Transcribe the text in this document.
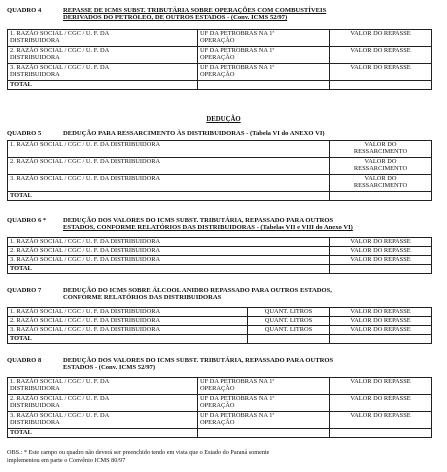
QUADRO 4	REPASSE DE ICMS SUBST. TRIBUTÁRIA SOBRE OPERAÇÕES COM COMBUSTÍVEIS
DERIVADOS DO PETRÓLEO, DE OUTROS ESTADOS - (Conv. ICMS 52/97)
1. RAZÃO SOCIAL / CGC / U. F. DA
DISTRIBUIDORA	UF DA PETROBRAS NA 1ª
OPERAÇÃO	VALOR DO REPASSE

2. RAZÃO SOCIAL / CGC / U. F. DA
DISTRIBUIDORA	UF DA PETROBRAS NA 1ª
OPERAÇÃO	VALOR DO REPASSE

3. RAZÃO SOCIAL / CGC / U. F. DA
DISTRIBUIDORA	UF DA PETROBRAS NA 1ª
OPERAÇÃO	VALOR DO REPASSE
TOTAL		
DEDUÇÃO
QUADRO 5	DEDUÇÃO PARA RESSARCIMENTO ÀS DISTRIBUIDORAS - (Tabela VI do ANEXO VI)
1. RAZÃO SOCIAL / CGC / U. F. DA DISTRIBUIDORA	VALOR DO
RESSARCIMENTO

2. RAZÃO SOCIAL / CGC / U. F. DA DISTRIBUIDORA	VALOR DO
RESSARCIMENTO

3. RAZÃO SOCIAL / CGC / U. F. DA DISTRIBUIDORA	VALOR DO
RESSARCIMENTO

TOTAL	
QUADRO 6 *	DEDUÇÃO DOS VALORES DO ICMS SUBST. TRIBUTÁRIA, REPASSADO PARA OUTROS
ESTADOS, CONFORME RELATÓRIOS DAS DISTRIBUIDORAS - (Tabelas VII e VIII do Anexo VI)
1. RAZÃO SOCIAL / CGC / U. F. DA DISTRIBUIDORA	VALOR DO REPASSE
2. RAZÃO SOCIAL / CGC / U. F. DA DISTRIBUIDORA	VALOR DO REPASSE
3. RAZÃO SOCIAL / CGC / U. F. DA DISTRIBUIDORA	VALOR DO REPASSE
TOTAL	
QUADRO 7	DEDUÇÃO DO ICMS SOBRE ÁLCOOL ANIDRO REPASSADO PARA OUTROS ESTADOS,
CONFORME RELATÓRIOS DAS DISTRIBUIDORAS
1. RAZÃO SOCIAL / CGC / U. F. DA DISTRIBUIDORA	QUANT. LITROS	VALOR DO REPASSE
2. RAZÃO SOCIAL / CGC / U. F. DA DISTRIBUIDORA	QUANT. LITROS	VALOR DO REPASSE
3. RAZÃO SOCIAL / CGC / U. F. DA DISTRIBUIDORA	QUANT. LITROS	VALOR DO REPASSE
TOTAL		
QUADRO 8	DEDUÇÃO DOS VALORES DO ICMS SUBST. TRIBUTÁRIA, REPASSADO PARA OUTROS
ESTADOS - (Conv. ICMS 52/97)
1. RAZÃO SOCIAL / CGC / U. F. DA
DISTRIBUIDORA	UF DA PETROBRAS NA 1ª
OPERAÇÃO	VALOR DO REPASSE

2. RAZÃO SOCIAL / CGC / U. F. DA
DISTRIBUIDORA	UF DA PETROBRAS NA 1ª
OPERAÇÃO	VALOR DO REPASSE

3. RAZÃO SOCIAL / CGC / U. F. DA
DISTRIBUIDORA	UF DA PETROBRAS NA 1ª
OPERAÇÃO	VALOR DO REPASSE
TOTAL		
OBS.: * Este campo ou quadro não deverá ser preenchido tendo em vista que o Estado do Paraná somente
implementou em parte o Convênio ICMS 80/97
